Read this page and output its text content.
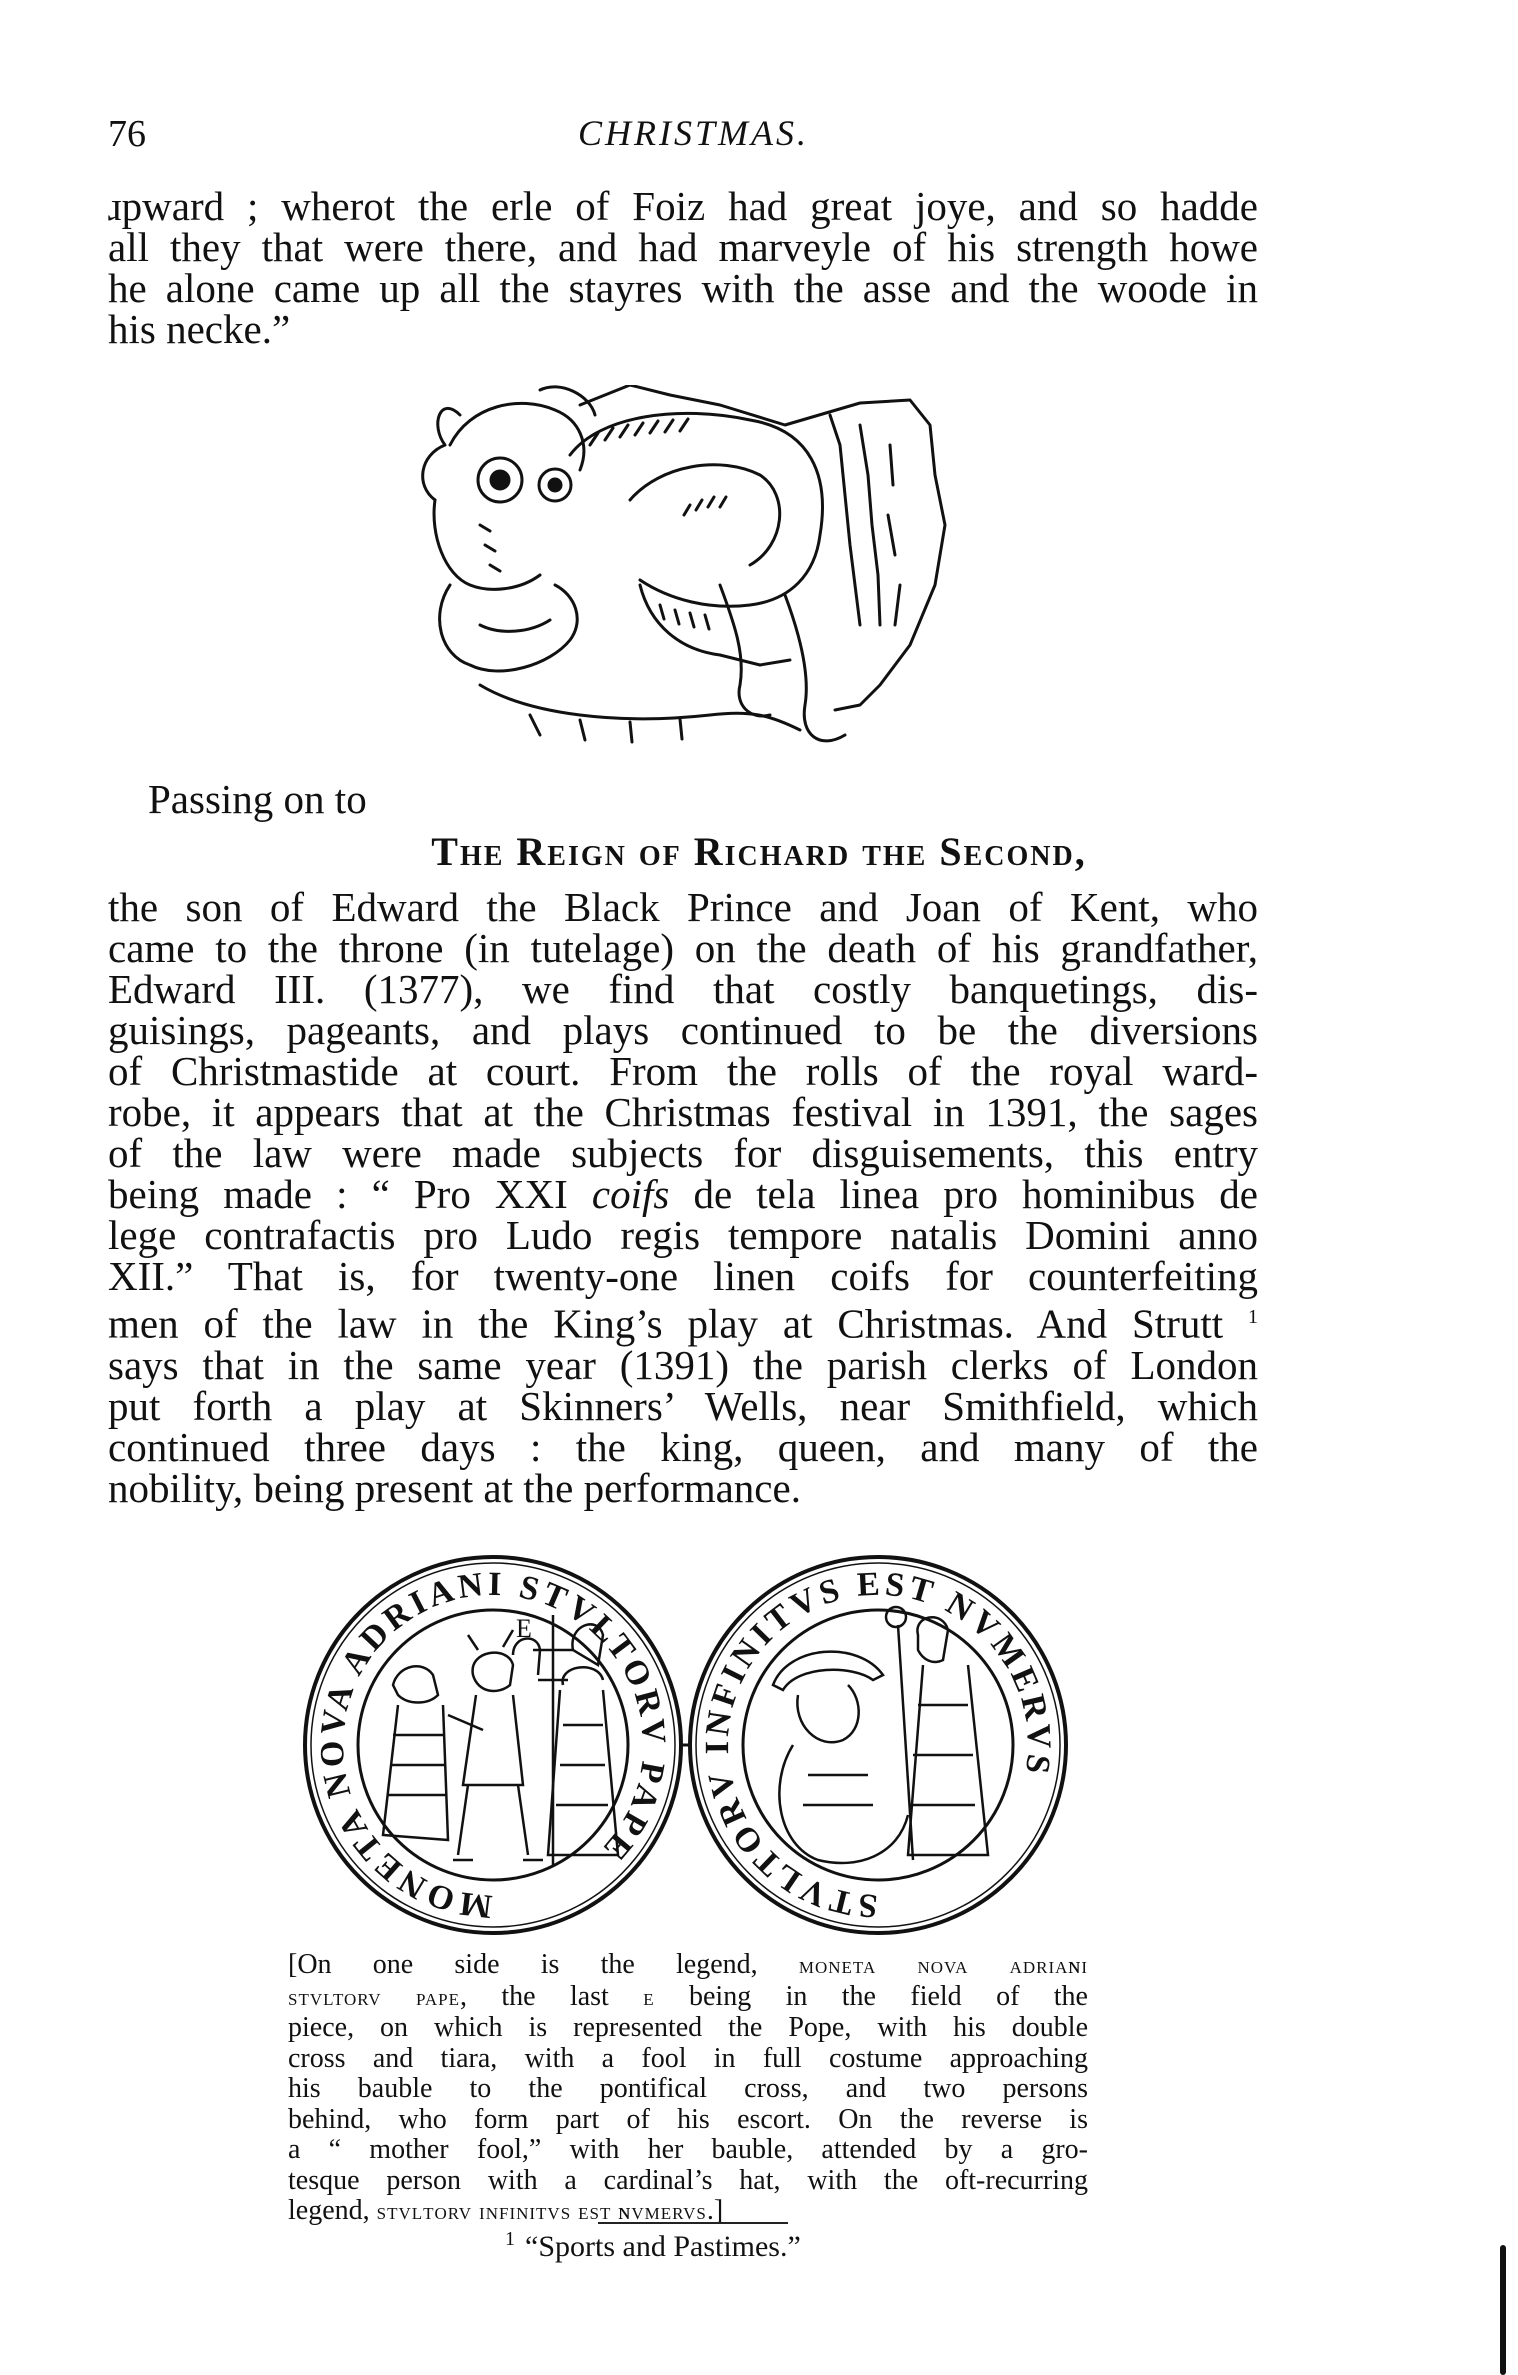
76	CHRISTMAS.
ɹpward ; wherot the erle of Foiz had great joye, and so hadde
all they that were there, and had marveyle of his strength howe
he alone came up all the stayres with the asse and the woode in
his necke.”

Passing on to

The Reign of Richard the Second,
the son of Edward the Black Prince and Joan of Kent, who
came to the throne (in tutelage) on the death of his grandfather,
Edward III. (1377), we find that costly banquetings, dis-
guisings, pageants, and plays continued to be the diversions
of Christmastide at court. From the rolls of the royal ward-
robe, it appears that at the Christmas festival in 1391, the sages
of the law were made subjects for disguisements, this entry
being made : “ Pro XXI coifs de tela linea pro hominibus de
lege contrafactis pro Ludo regis tempore natalis Domini anno
XII.” That is, for twenty-one linen coifs for counterfeiting
men of the law in the King’s play at Christmas. And Strutt $^1$
says that in the same year (1391) the parish clerks of London
put forth a play at Skinners’ Wells, near Smithfield, which
continued three days : the king, queen, and many of the
nobility, being present at the performance.
MONETA NOVA ADRIANI STVLTORV PAPE
E
STVLTORV INFINITVS EST NVMERVS
[On one side is the legend, moneta nova adriaɴi
sτvltorv pape, the last e being in the field of the
piece, on which is represented the Pope, with his double
cross and tiara, with a fool in full costume approaching
his bauble to the pontifical cross, and two persons
behind, who form part of his escort. On the reverse is
a “ mother fool,” with her bauble, attended by a gro-
tesque person with a cardinal’s hat, with the oft-recurring
legend, stvlτorv infinitvs est ɴvmervs.]

$^1$ “Sports and Pastimes.”
